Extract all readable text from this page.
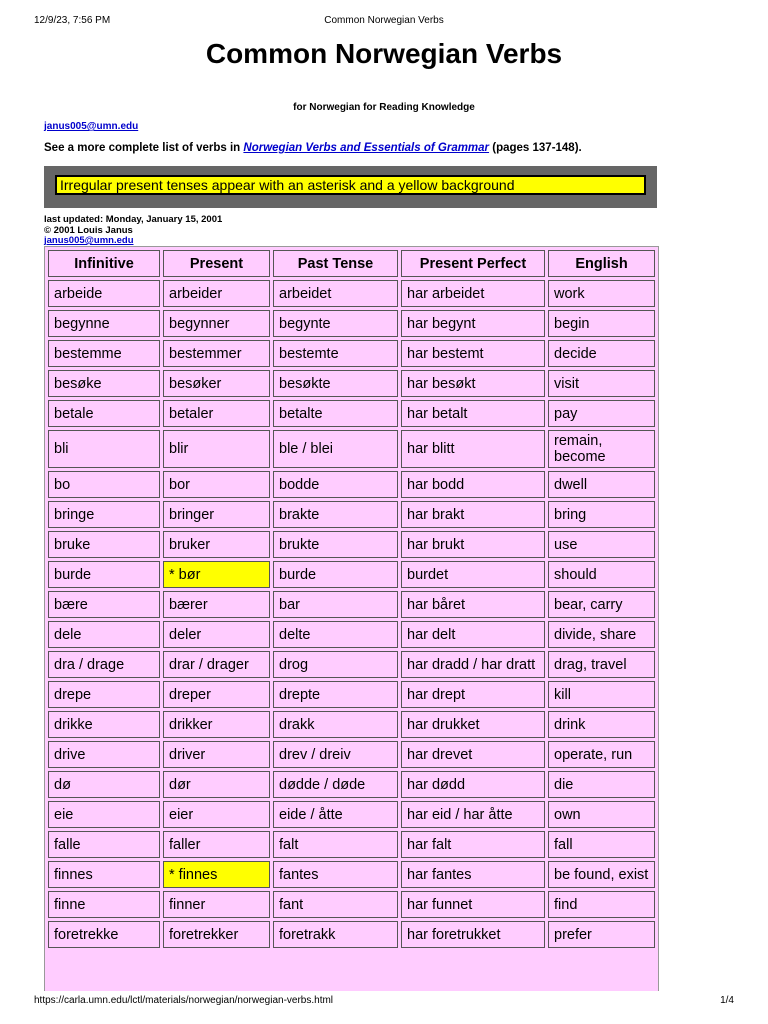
12/9/23, 7:56 PM	Common Norwegian Verbs
Common Norwegian Verbs
for Norwegian for Reading Knowledge
janus005@umn.edu
See a more complete list of verbs in Norwegian Verbs and Essentials of Grammar (pages 137-148).
Irregular present tenses appear with an asterisk and a yellow background
last updated: Monday, January 15, 2001
© 2001 Louis Janus
janus005@umn.edu
Infinitive	Present	Past Tense	Present Perfect	English
arbeide	arbeider	arbeidet	har arbeidet	work
begynne	begynner	begynte	har begynt	begin
bestemme	bestemmer	bestemte	har bestemt	decide
besøke	besøker	besøkte	har besøkt	visit
betale	betaler	betalte	har betalt	pay
bli	blir	ble / blei	har blitt	remain, become
bo	bor	bodde	har bodd	dwell
bringe	bringer	brakte	har brakt	bring
bruke	bruker	brukte	har brukt	use
burde	* bør	burde	burdet	should
bære	bærer	bar	har båret	bear, carry
dele	deler	delte	har delt	divide, share
dra / drage	drar / drager	drog	har dradd / har dratt	drag, travel
drepe	dreper	drepte	har drept	kill
drikke	drikker	drakk	har drukket	drink
drive	driver	drev / dreiv	har drevet	operate, run
dø	dør	dødde / døde	har dødd	die
eie	eier	eide / åtte	har eid / har åtte	own
falle	faller	falt	har falt	fall
finnes	* finnes	fantes	har fantes	be found, exist
finne	finner	fant	har funnet	find
foretrekke	foretrekker	foretrakk	har foretrukket	prefer
https://carla.umn.edu/lctl/materials/norwegian/norwegian-verbs.html	1/4
